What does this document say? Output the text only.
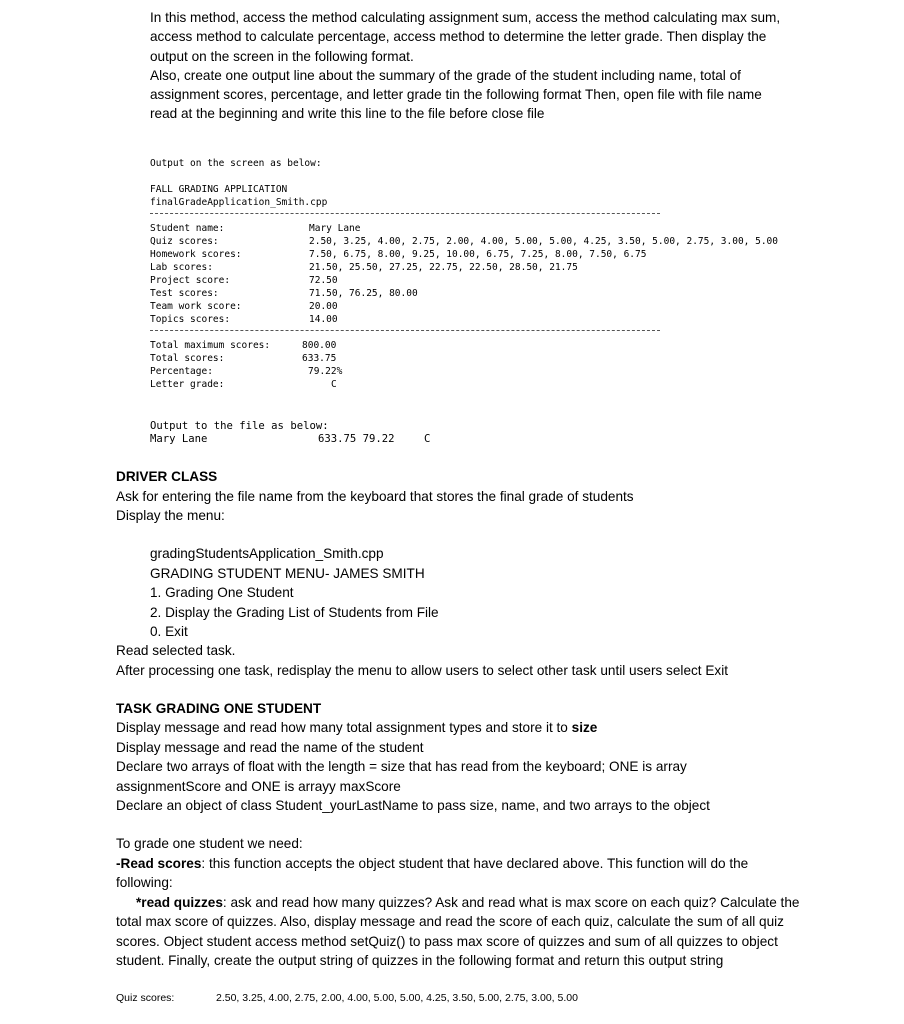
In this method, access the method calculating assignment sum, access the method calculating max sum,
access method to calculate percentage, access method to determine the letter grade. Then display the
output on the screen in the following format.
Also, create one output line about the summary of the grade of the student including name, total of
assignment scores, percentage, and letter grade tin the following format Then, open file with file name
read at the beginning and write this line to the file before close file
Output on the screen as below:
FALL GRADING APPLICATION
finalGradeApplication_Smith.cpp
Student name:	Mary Lane
Quiz scores:	2.50, 3.25, 4.00, 2.75, 2.00, 4.00, 5.00, 5.00, 4.25, 3.50, 5.00, 2.75, 3.00, 5.00
Homework scores:	7.50, 6.75, 8.00, 9.25, 10.00, 6.75, 7.25, 8.00, 7.50, 6.75
Lab scores:	21.50, 25.50, 27.25, 22.75, 22.50, 28.50, 21.75
Project score:	72.50
Test scores:	71.50, 76.25, 80.00
Team work score:	20.00
Topics scores:	14.00
Total maximum scores:	800.00
Total scores:	633.75
Percentage:	79.22%
Letter grade:	C
Output to the file as below:
Mary Lane	633.75 79.22	C
DRIVER CLASS
Ask for entering the file name from the keyboard that stores the final grade of students
Display the menu:
gradingStudentsApplication_Smith.cpp
GRADING STUDENT MENU- JAMES SMITH
1. Grading One Student
2. Display the Grading List of Students from File
0. Exit
Read selected task.
After processing one task, redisplay the menu to allow users to select other task until users select Exit
TASK GRADING ONE STUDENT
Display message and read how many total assignment types and store it to size
Display message and read the name of the student
Declare two arrays of float with the length = size that has read from the keyboard; ONE is array
assignmentScore and ONE is arrayy maxScore
Declare an object of class Student_yourLastName to pass size, name, and two arrays to the object
To grade one student we need:
-Read scores: this function accepts the object student that have declared above. This function will do the
following:
*read quizzes: ask and read how many quizzes? Ask and read what is max score on each quiz? Calculate the
total max score of quizzes. Also, display message and read the score of each quiz, calculate the sum of all quiz
scores. Object student access method setQuiz() to pass max score of quizzes and sum of all quizzes to object
student. Finally, create the output string of quizzes in the following format and return this output string
Quiz scores:	2.50, 3.25, 4.00, 2.75, 2.00, 4.00, 5.00, 5.00, 4.25, 3.50, 5.00, 2.75, 3.00, 5.00
